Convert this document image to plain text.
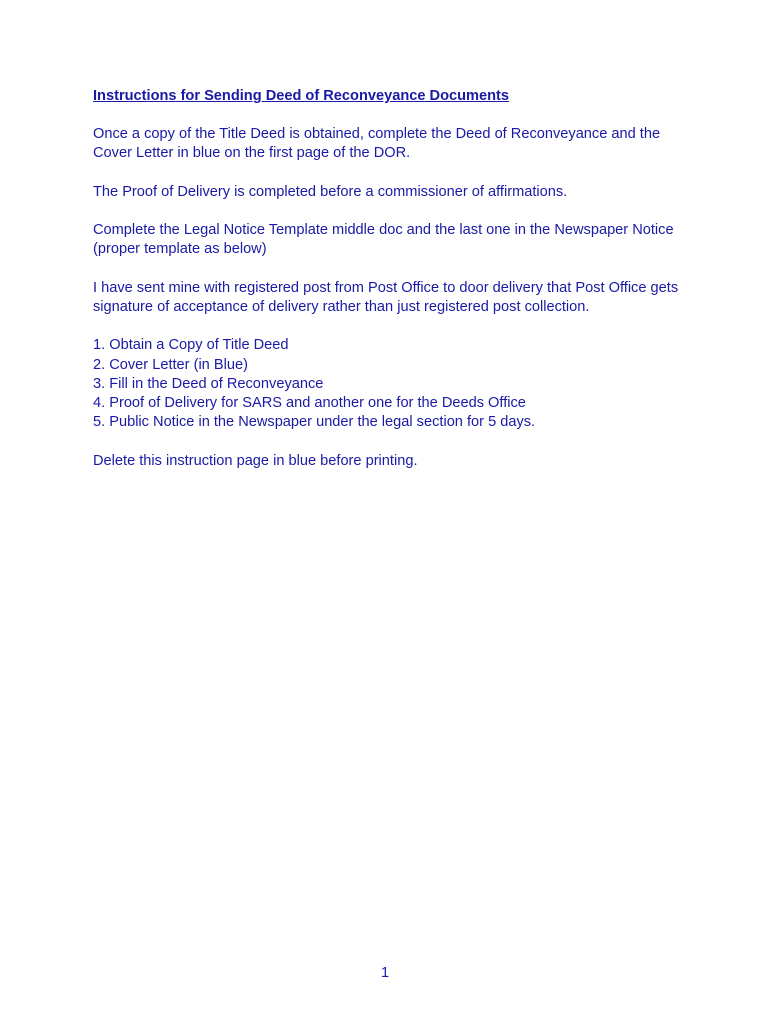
Instructions for Sending Deed of Reconveyance Documents
Once a copy of the Title Deed is obtained, complete the Deed of Reconveyance and the Cover Letter in blue on the first page of the DOR.
The Proof of Delivery is completed before a commissioner of affirmations.
Complete the Legal Notice Template middle doc and the last one in the Newspaper Notice (proper template as below)
I have sent mine with registered post from Post Office to door delivery that Post Office gets signature of acceptance of delivery rather than just registered post collection.
1. Obtain a Copy of Title Deed
2. Cover Letter (in Blue)
3. Fill in the Deed of Reconveyance
4. Proof of Delivery for SARS and another one for the Deeds Office
5. Public Notice in the Newspaper under the legal section for 5 days.
Delete this instruction page in blue before printing.
1
